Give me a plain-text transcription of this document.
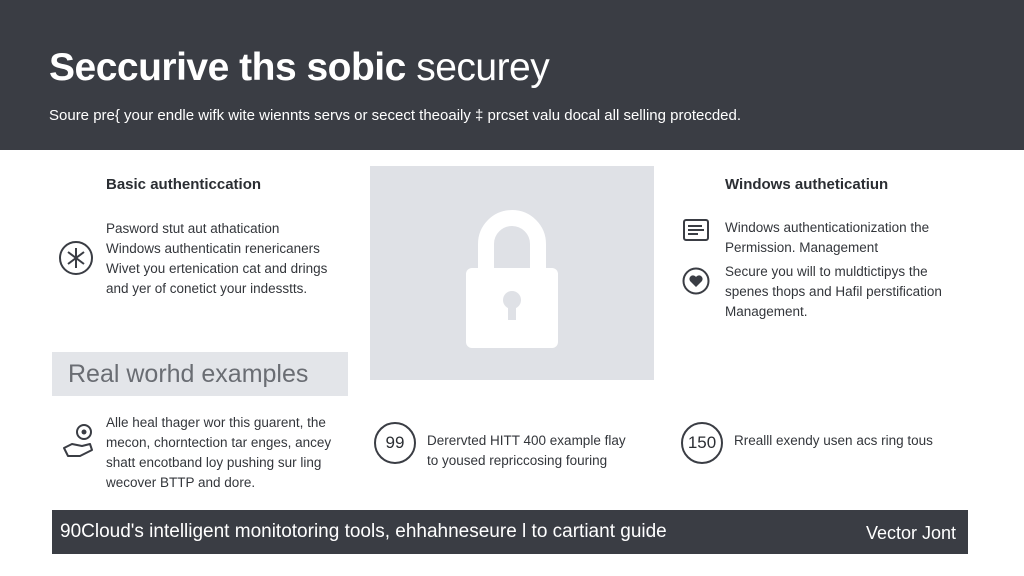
Seccurive ths sobic securey
Soure pre{ your endle wifk wite wiennts servs or secect theoaily ‡ prcset valu docal all selling protecded.
Basic authenticcation
Pasword stut aut athatication
Windows authenticatin renericaners
Wivet you ertenication cat and drings
and yer of conetict your indesstts.
Windows autheticatiun
Windows authenticationization the
Permission. Management
Secure you will to muldtictipys the
spenes thops and Hafil perstification
Management.
Real worhd examples
Alle heal thager wor this guarent, the
mecon, chorntection tar enges, ancey
shatt encotband loy pushing sur ling
wecover BTTP and dore.
99 Derervted HITT 400 example flay
to yoused repriccosing fouring
150 Rrealll exendy usen acs ring tous
90Cloud's intelligent monitotoring tools, ehhahneseure l to cartiant guide	Vector Jont
